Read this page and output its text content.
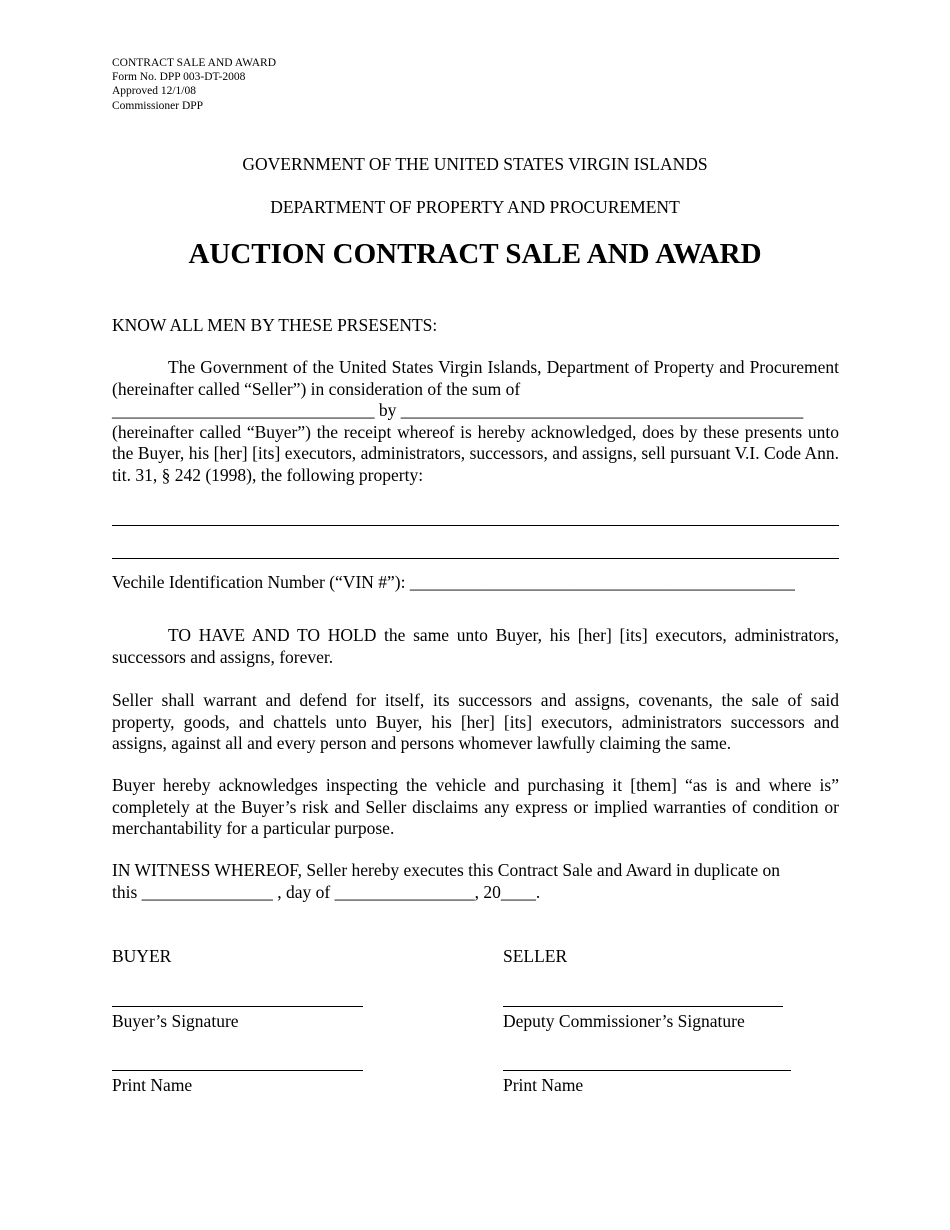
CONTRACT SALE AND AWARD
Form No. DPP 003-DT-2008
Approved 12/1/08
Commissioner DPP
GOVERNMENT OF THE UNITED STATES VIRGIN ISLANDS
DEPARTMENT OF PROPERTY AND PROCUREMENT
AUCTION CONTRACT SALE AND AWARD
KNOW ALL MEN BY THESE PRSESENTS:
The Government of the United States Virgin Islands, Department of Property and Procurement (hereinafter called “Seller”) in consideration of the sum of
______________________________ by ______________________________________________
(hereinafter called “Buyer”) the receipt whereof is hereby acknowledged, does by these presents unto the Buyer, his [her] [its] executors, administrators, successors, and assigns, sell pursuant V.I. Code Ann. tit. 31, § 242 (1998), the following property:
Vechile Identification Number (“VIN #”): ____________________________________________
TO HAVE AND TO HOLD the same unto Buyer, his [her] [its] executors, administrators, successors and assigns, forever.
Seller shall warrant and defend for itself, its successors and assigns, covenants, the sale of said property, goods, and chattels unto Buyer, his [her] [its] executors, administrators successors and assigns, against all and every person and persons whomever lawfully claiming the same.
Buyer hereby acknowledges inspecting the vehicle and purchasing it [them] “as is and where is” completely at the Buyer’s risk and Seller disclaims any express or implied warranties of condition or merchantability for a particular purpose.
IN WITNESS WHEREOF, Seller hereby executes this Contract Sale and Award in duplicate on
this _______________ , day of ________________, 20____.
BUYER
Buyer’s Signature
Print Name
SELLER
Deputy Commissioner’s Signature
Print Name
